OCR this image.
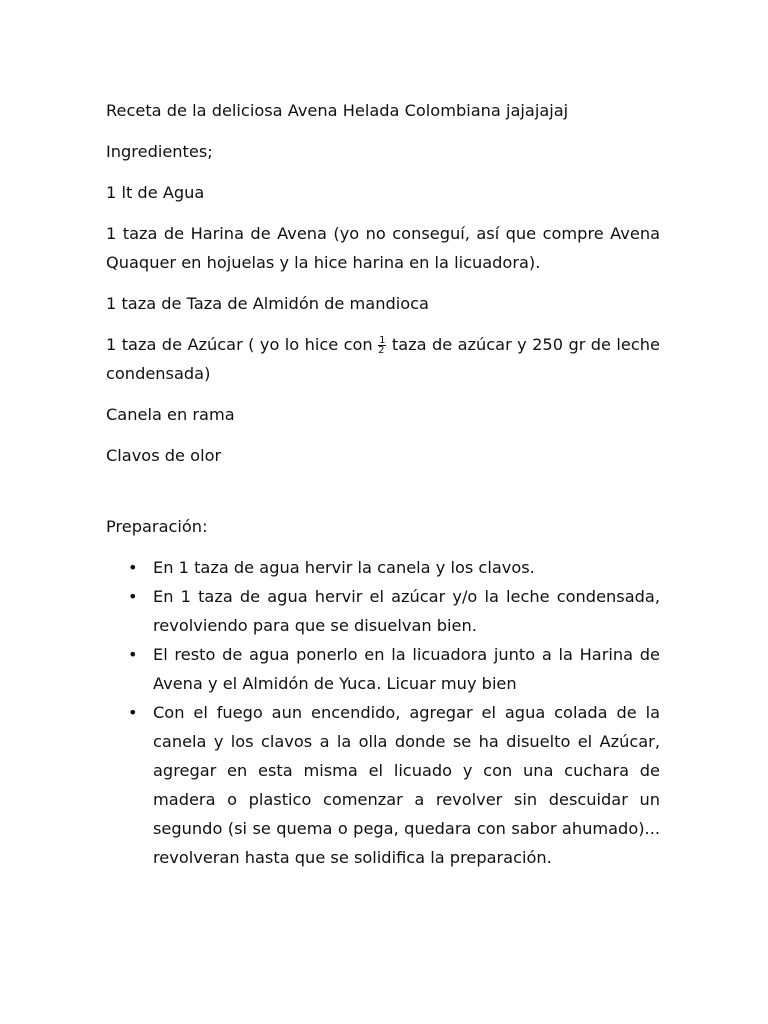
Receta de la deliciosa Avena Helada Colombiana jajajajaj

Ingredientes;

1 lt de Agua

1 taza de Harina de Avena (yo no conseguí, así que compre Avena Quaquer en hojuelas y la hice harina en la licuadora).

1 taza de Taza de Almidón de mandioca

1 taza de Azúcar ( yo lo hice con $\frac{1}{2}$ taza de azúcar y 250 gr de leche condensada)

Canela en rama

Clavos de olor

Preparación:

• En 1 taza de agua hervir la canela y los clavos.
• En 1 taza de agua hervir el azúcar y/o la leche condensada, revolviendo para que se disuelvan bien.
• El resto de agua ponerlo en la licuadora junto a la Harina de Avena y el Almidón de Yuca. Licuar muy bien
• Con el fuego aun encendido, agregar el agua colada de la canela y los clavos a la olla donde se ha disuelto el Azúcar, agregar en esta misma el licuado y con una cuchara de madera o plastico comenzar a revolver sin descuidar un segundo (si se quema o pega, quedara con sabor ahumado)... revolveran hasta que se solidifica la preparación.
